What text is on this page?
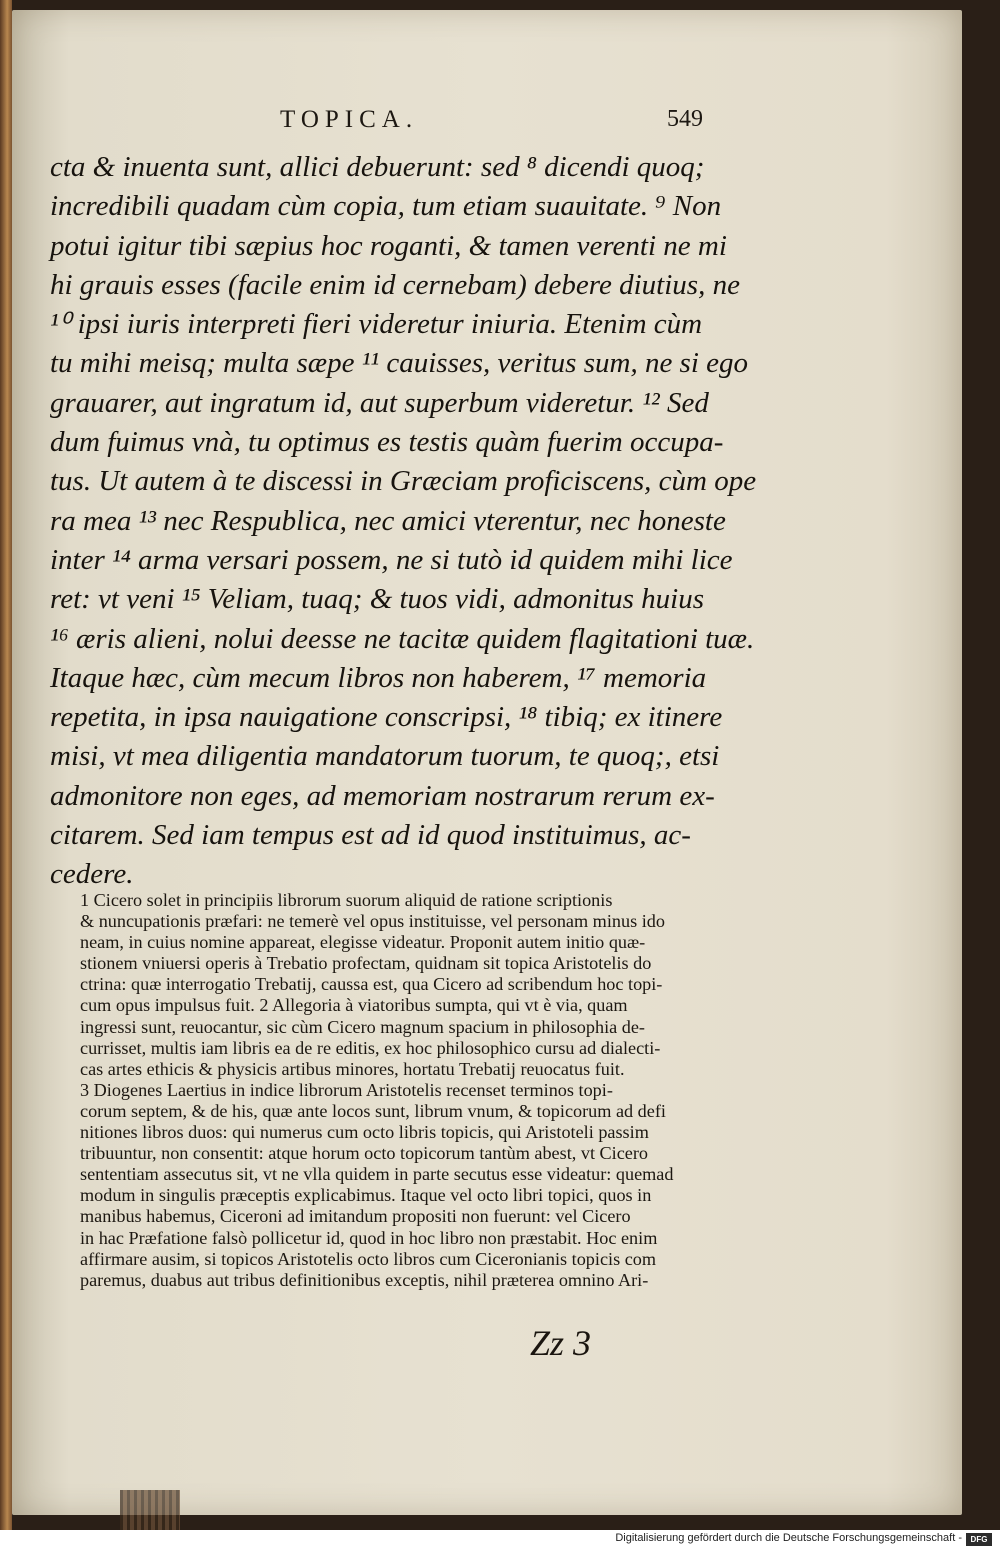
TOPICA.	549
cta & inuenta sunt, allici debuerunt: sed ⁸ dicendi quoq;
incredibili quadam cùm copia, tum etiam suauitate. ⁹ Non
potui igitur tibi sæpius hoc roganti, & tamen verenti ne mi
hi grauis esses (facile enim id cernebam) debere diutius, ne
¹⁰ ipsi iuris interpreti fieri videretur iniuria. Etenim cùm
tu mihi meisq; multa sæpe ¹¹ cauisses, veritus sum, ne si ego
grauarer, aut ingratum id, aut superbum videretur. ¹² Sed
dum fuimus vnà, tu optimus es testis quàm fuerim occupa-
tus. Ut autem à te discessi in Græciam proficiscens, cùm ope
ra mea ¹³ nec Respublica, nec amici vterentur, nec honeste
inter ¹⁴ arma versari possem, ne si tutò id quidem mihi lice
ret: vt veni ¹⁵ Veliam, tuaq; & tuos vidi, admonitus huius
¹⁶ æris alieni, nolui deesse ne tacitæ quidem flagitationi tuæ.
Itaque hæc, cùm mecum libros non haberem, ¹⁷ memoria
repetita, in ipsa nauigatione conscripsi, ¹⁸ tibiq; ex itinere
misi, vt mea diligentia mandatorum tuorum, te quoq;, etsi
admonitore non eges, ad memoriam nostrarum rerum ex-
citarem. Sed iam tempus est ad id quod instituimus, ac-
cedere.
1 Cicero solet in principiis librorum suorum aliquid de ratione scriptionis
& nuncupationis præfari: ne temerè vel opus instituisse, vel personam minus ido
neam, in cuius nomine appareat, elegisse videatur. Proponit autem initio quæ-
stionem vniuersi operis à Trebatio profectam, quidnam sit topica Aristotelis do
ctrina: quæ interrogatio Trebatij, caussa est, qua Cicero ad scribendum hoc topi-
cum opus impulsus fuit. 2 Allegoria à viatoribus sumpta, qui vt è via, quam
ingressi sunt, reuocantur, sic cùm Cicero magnum spacium in philosophia de-
currisset, multis iam libris ea de re editis, ex hoc philosophico cursu ad dialecti-
cas artes ethicis & physicis artibus minores, hortatu Trebatij reuocatus fuit.
3 Diogenes Laertius in indice librorum Aristotelis recenset terminos topi-
corum septem, & de his, quæ ante locos sunt, librum vnum, & topicorum ad defi
nitiones libros duos: qui numerus cum octo libris topicis, qui Aristoteli passim
tribuuntur, non consentit: atque horum octo topicorum tantùm abest, vt Cicero
sententiam assecutus sit, vt ne vlla quidem in parte secutus esse videatur: quemad
modum in singulis præceptis explicabimus. Itaque vel octo libri topici, quos in
manibus habemus, Ciceroni ad imitandum propositi non fuerunt: vel Cicero
in hac Præfatione falsò pollicetur id, quod in hoc libro non præstabit. Hoc enim
affirmare ausim, si topicos Aristotelis octo libros cum Ciceronianis topicis com
paremus, duabus aut tribus definitionibus exceptis, nihil præterea omnino Ari-
Zz 3
Digitalisierung gefördert durch die Deutsche Forschungsgemeinschaft -	DFG
